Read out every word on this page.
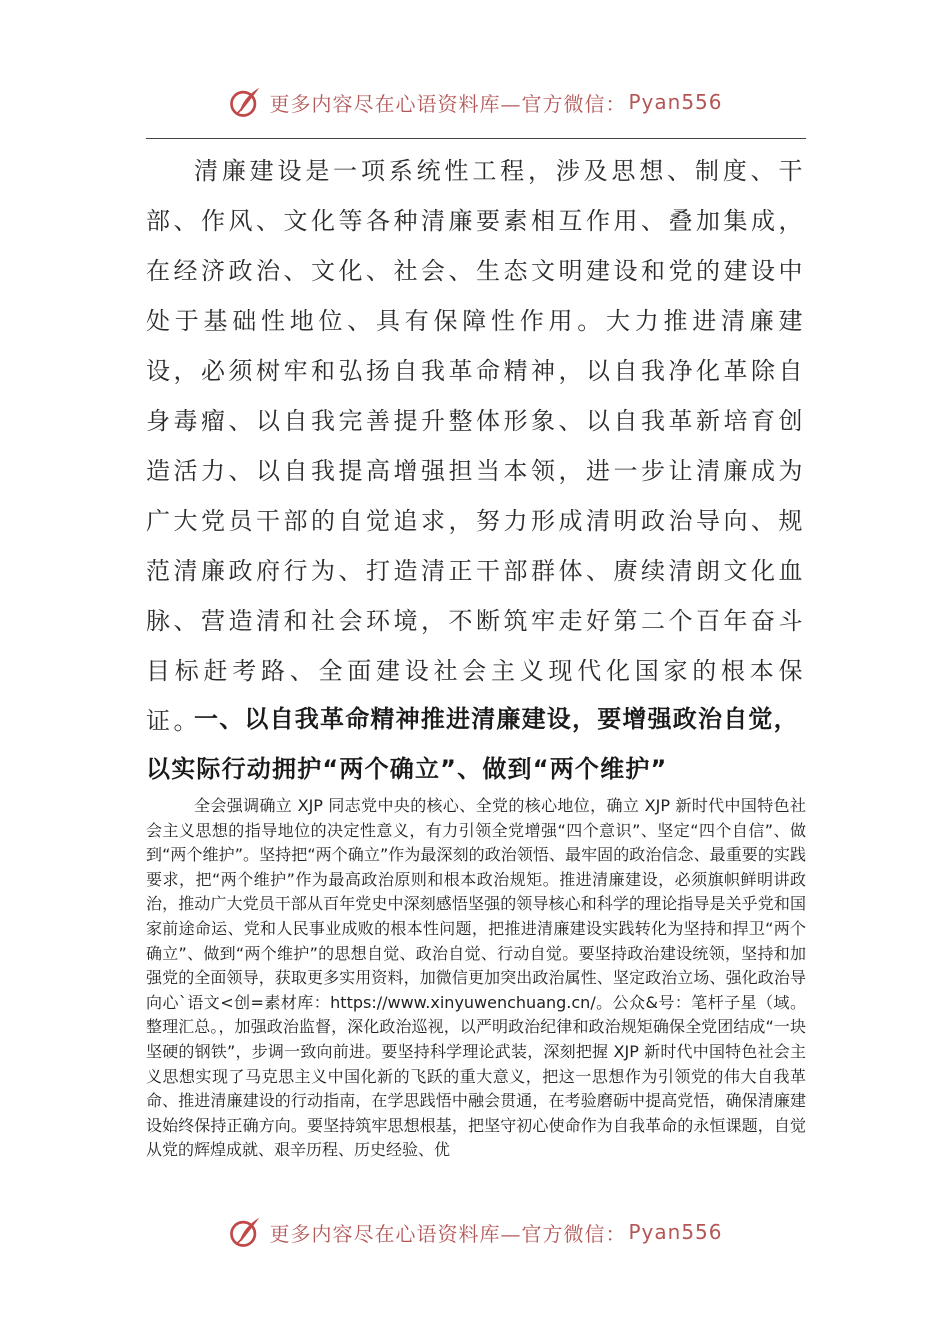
更多内容尽在心语资料库—官方微信： Pyan556
清廉建设是一项系统性工程，涉及思想、制度、干部、作风、文化等各种清廉要素相互作用、叠加集成，在经济政治、文化、社会、生态文明建设和党的建设中处于基础性地位、具有保障性作用。大力推进清廉建设，必须树牢和弘扬自我革命精神，以自我净化革除自身毒瘤、以自我完善提升整体形象、以自我革新培育创造活力、以自我提高增强担当本领，进一步让清廉成为广大党员干部的自觉追求，努力形成清明政治导向、规范清廉政府行为、打造清正干部群体、赓续清朗文化血脉、营造清和社会环境，不断筑牢走好第二个百年奋斗目标赶考路、全面建设社会主义现代化国家的根本保证。
一、以自我革命精神推进清廉建设，要增强政治自觉，以实际行动拥护“两个确立”、做到“两个维护”
全会强调确立 XJP 同志党中央的核心、全党的核心地位，确立 XJP 新时代中国特色社会主义思想的指导地位的决定性意义，有力引领全党增强“四个意识”、坚定“四个自信”、做到“两个维护”。坚持把“两个确立”作为最深刻的政治领悟、最牢固的政治信念、最重要的实践要求，把“两个维护”作为最高政治原则和根本政治规矩。推进清廉建设，必须旗帜鲜明讲政治，推动广大党员干部从百年党史中深刻感悟坚强的领导核心和科学的理论指导是关乎党和国家前途命运、党和人民事业成败的根本性问题，把推进清廉建设实践转化为坚持和捍卫“两个确立”、做到“两个维护”的思想自觉、政治自觉、行动自觉。要坚持政治建设统领，坚持和加强党的全面领导，获取更多实用资料，加微信更加突出政治属性、坚定政治立场、强化政治导向心`语文<创=素材库：https://www.xinyuwenchuang.cn/。公众&号：笔杆子星（域。整理汇总。，加强政治监督，深化政治巡视，以严明政治纪律和政治规矩确保全党团结成“一块坚硬的钢铁”，步调一致向前进。要坚持科学理论武装，深刻把握 XJP 新时代中国特色社会主义思想实现了马克思主义中国化新的飞跃的重大意义，把这一思想作为引领党的伟大自我革命、推进清廉建设的行动指南，在学思践悟中融会贯通，在考验磨砺中提高党悟，确保清廉建设始终保持正确方向。要坚持筑牢思想根基，把坚守初心使命作为自我革命的永恒课题，自觉从党的辉煌成就、艰辛历程、历史经验、优
更多内容尽在心语资料库—官方微信： Pyan556
